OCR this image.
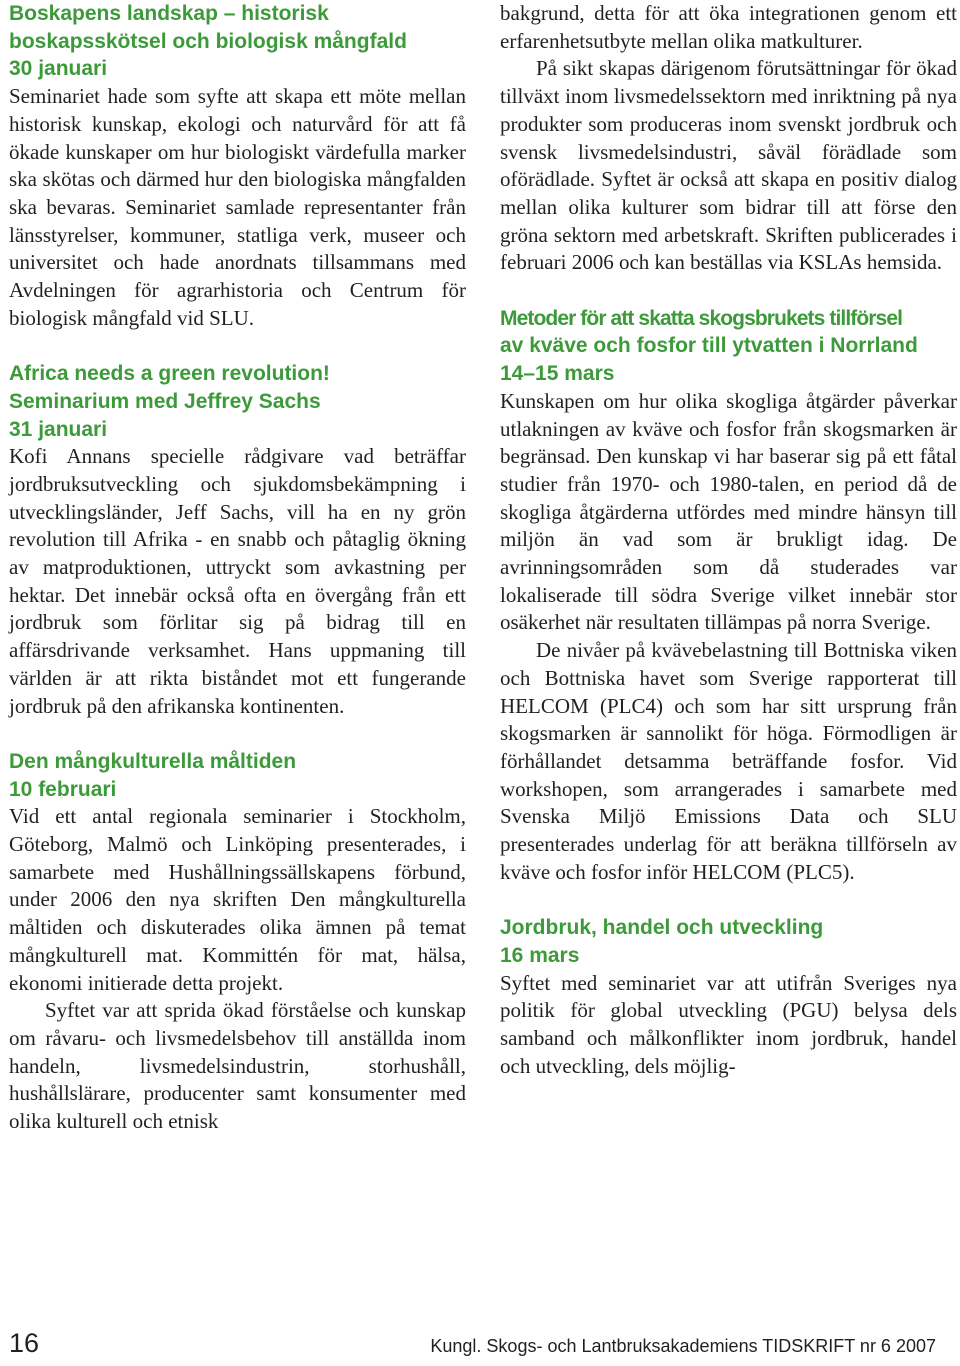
Boskapens landskap – historisk
boskapsskötsel och biologisk mångfald
30 januari

Seminariet hade som syfte att skapa ett möte mellan historisk kunskap, ekologi och naturvård för att få ökade kunskaper om hur biologiskt värdefulla marker ska skötas och därmed hur den biologiska mångfalden ska bevaras. Seminariet samlade representanter från länsstyrelser, kommuner, statliga verk, museer och universitet och hade anordnats tillsammans med Avdelningen för agrarhistoria och Centrum för biologisk mångfald vid SLU.

Africa needs a green revolution!
Seminarium med Jeffrey Sachs
31 januari

Kofi Annans specielle rådgivare vad beträffar jordbruksutveckling och sjukdomsbekämpning i utvecklingsländer, Jeff Sachs, vill ha en ny grön revolution till Afrika - en snabb och påtaglig ökning av matproduktionen, uttryckt som avkastning per hektar. Det innebär också ofta en övergång från ett jordbruk som förlitar sig på bidrag till en affärsdrivande verksamhet. Hans uppmaning till världen är att rikta biståndet mot ett fungerande jordbruk på den afrikanska kontinenten.

Den mångkulturella måltiden
10 februari

Vid ett antal regionala seminarier i Stockholm, Göteborg, Malmö och Linköping presenterades, i samarbete med Hushållningssällskapens förbund, under 2006 den nya skriften Den mångkulturella måltiden och diskuterades olika ämnen på temat mångkulturell mat. Kommittén för mat, hälsa, ekonomi initierade detta projekt.

Syftet var att sprida ökad förståelse och kunskap om råvaru- och livsmedelsbehov till anställda inom handeln, livsmedelsindustrin, storhushåll, hushållslärare, producenter samt konsumenter med olika kulturell och etnisk

bakgrund, detta för att öka integrationen genom ett erfarenhetsutbyte mellan olika matkulturer.

På sikt skapas därigenom förutsättningar för ökad tillväxt inom livsmedelssektorn med inriktning på nya produkter som produceras inom svenskt jordbruk och svensk livsmedelsindustri, såväl förädlade som oförädlade. Syftet är också att skapa en positiv dialog mellan olika kulturer som bidrar till att förse den gröna sektorn med arbetskraft. Skriften publicerades i februari 2006 och kan beställas via KSLAs hemsida.

Metoder för att skatta skogsbrukets tillförsel
av kväve och fosfor till ytvatten i Norrland
14–15 mars

Kunskapen om hur olika skogliga åtgärder påverkar utlakningen av kväve och fosfor från skogsmarken är begränsad. Den kunskap vi har baserar sig på ett fåtal studier från 1970- och 1980-talen, en period då de skogliga åtgärderna utfördes med mindre hänsyn till miljön än vad som är brukligt idag. De avrinningsområden som då studerades var lokaliserade till södra Sverige vilket innebär stor osäkerhet när resultaten tillämpas på norra Sverige.

De nivåer på kvävebelastning till Bottniska viken och Bottniska havet som Sverige rapporterat till HELCOM (PLC4) och som har sitt ursprung från skogsmarken är sannolikt för höga. Förmodligen är förhållandet detsamma beträffande fosfor. Vid workshopen, som arrangerades i samarbete med Svenska Miljö Emissions Data och SLU presenterades underlag för att beräkna tillförseln av kväve och fosfor inför HELCOM (PLC5).

Jordbruk, handel och utveckling
16 mars

Syftet med seminariet var att utifrån Sveriges nya politik för global utveckling (PGU) belysa dels samband och målkonflikter inom jordbruk, handel och utveckling, dels möjlig-

16	Kungl. Skogs- och Lantbruksakademiens TIDSKRIFT nr 6 2007
